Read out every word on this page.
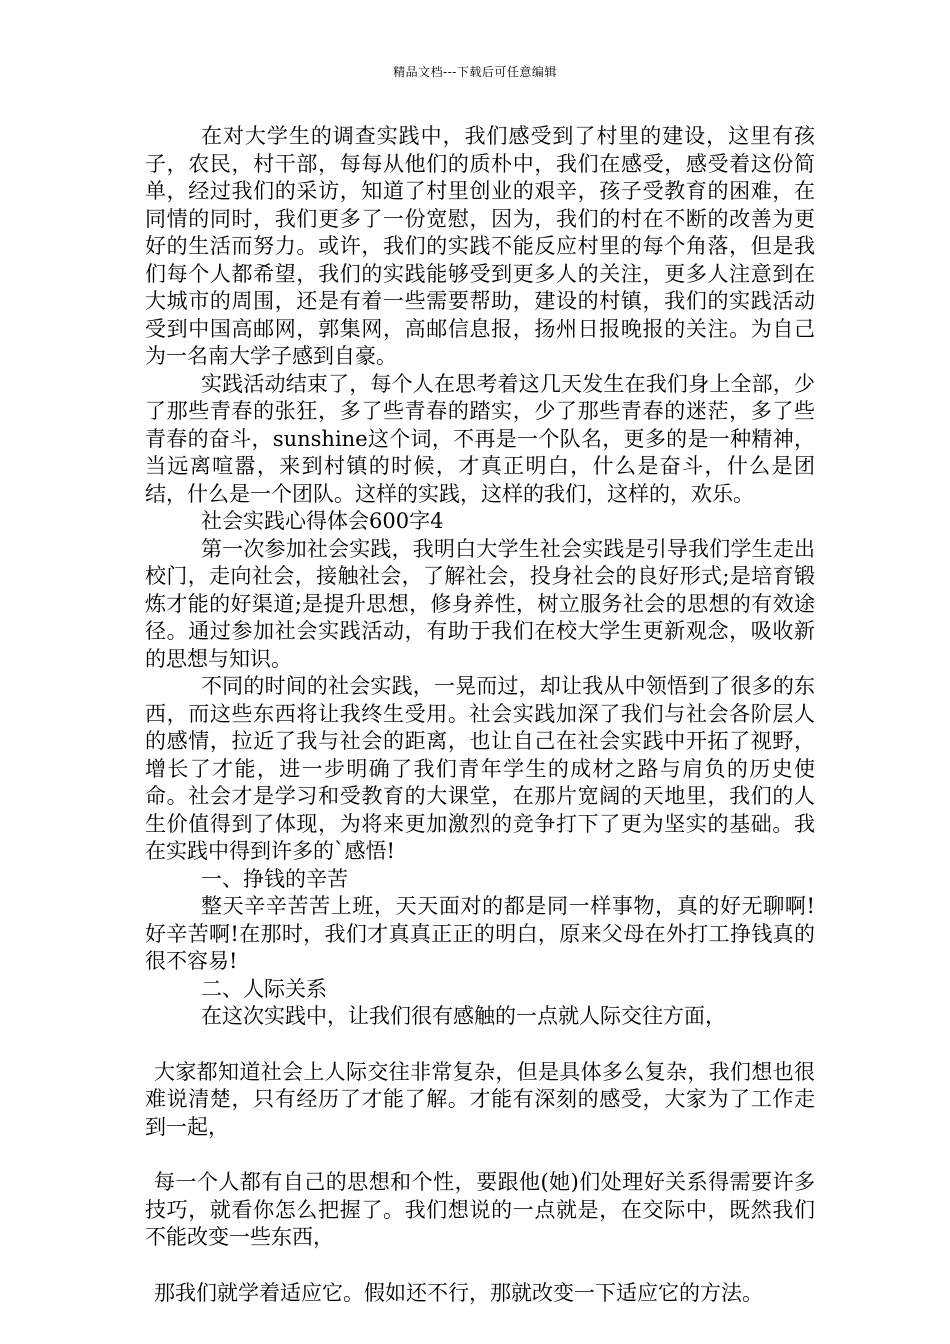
精品文档---下载后可任意编辑

在对大学生的调查实践中，我们感受到了村里的建设，这里有孩子，农民，村干部，每每从他们的质朴中，我们在感受，感受着这份简单，经过我们的采访，知道了村里创业的艰辛，孩子受教育的困难，在同情的同时，我们更多了一份宽慰，因为，我们的村在不断的改善为更好的生活而努力。或许，我们的实践不能反应村里的每个角落，但是我们每个人都希望，我们的实践能够受到更多人的关注，更多人注意到在大城市的周围，还是有着一些需要帮助，建设的村镇，我们的实践活动受到中国高邮网，郭集网，高邮信息报，扬州日报晚报的关注。为自己为一名南大学子感到自豪。

实践活动结束了，每个人在思考着这几天发生在我们身上全部，少了那些青春的张狂，多了些青春的踏实，少了那些青春的迷茫，多了些青春的奋斗，sunshine这个词，不再是一个队名，更多的是一种精神，当远离喧嚣，来到村镇的时候，才真正明白，什么是奋斗，什么是团结，什么是一个团队。这样的实践，这样的我们，这样的，欢乐。

社会实践心得体会600字4

第一次参加社会实践，我明白大学生社会实践是引导我们学生走出校门，走向社会，接触社会，了解社会，投身社会的良好形式;是培育锻炼才能的好渠道;是提升思想，修身养性，树立服务社会的思想的有效途径。通过参加社会实践活动，有助于我们在校大学生更新观念，吸收新的思想与知识。

不同的时间的社会实践，一晃而过，却让我从中领悟到了很多的东西，而这些东西将让我终生受用。社会实践加深了我们与社会各阶层人的感情，拉近了我与社会的距离，也让自己在社会实践中开拓了视野，增长了才能，进一步明确了我们青年学生的成材之路与肩负的历史使命。社会才是学习和受教育的大课堂，在那片宽阔的天地里，我们的人生价值得到了体现，为将来更加激烈的竞争打下了更为坚实的基础。我在实践中得到许多的`感悟!

一、挣钱的辛苦

整天辛辛苦苦上班，天天面对的都是同一样事物，真的好无聊啊!好辛苦啊!在那时，我们才真真正正的明白，原来父母在外打工挣钱真的很不容易!

二、人际关系

在这次实践中，让我们很有感触的一点就人际交往方面，

大家都知道社会上人际交往非常复杂，但是具体多么复杂，我们想也很难说清楚，只有经历了才能了解。才能有深刻的感受，大家为了工作走到一起，

每一个人都有自己的思想和个性，要跟他(她)们处理好关系得需要许多技巧，就看你怎么把握了。我们想说的一点就是，在交际中，既然我们不能改变一些东西，

那我们就学着适应它。假如还不行，那就改变一下适应它的方法。
